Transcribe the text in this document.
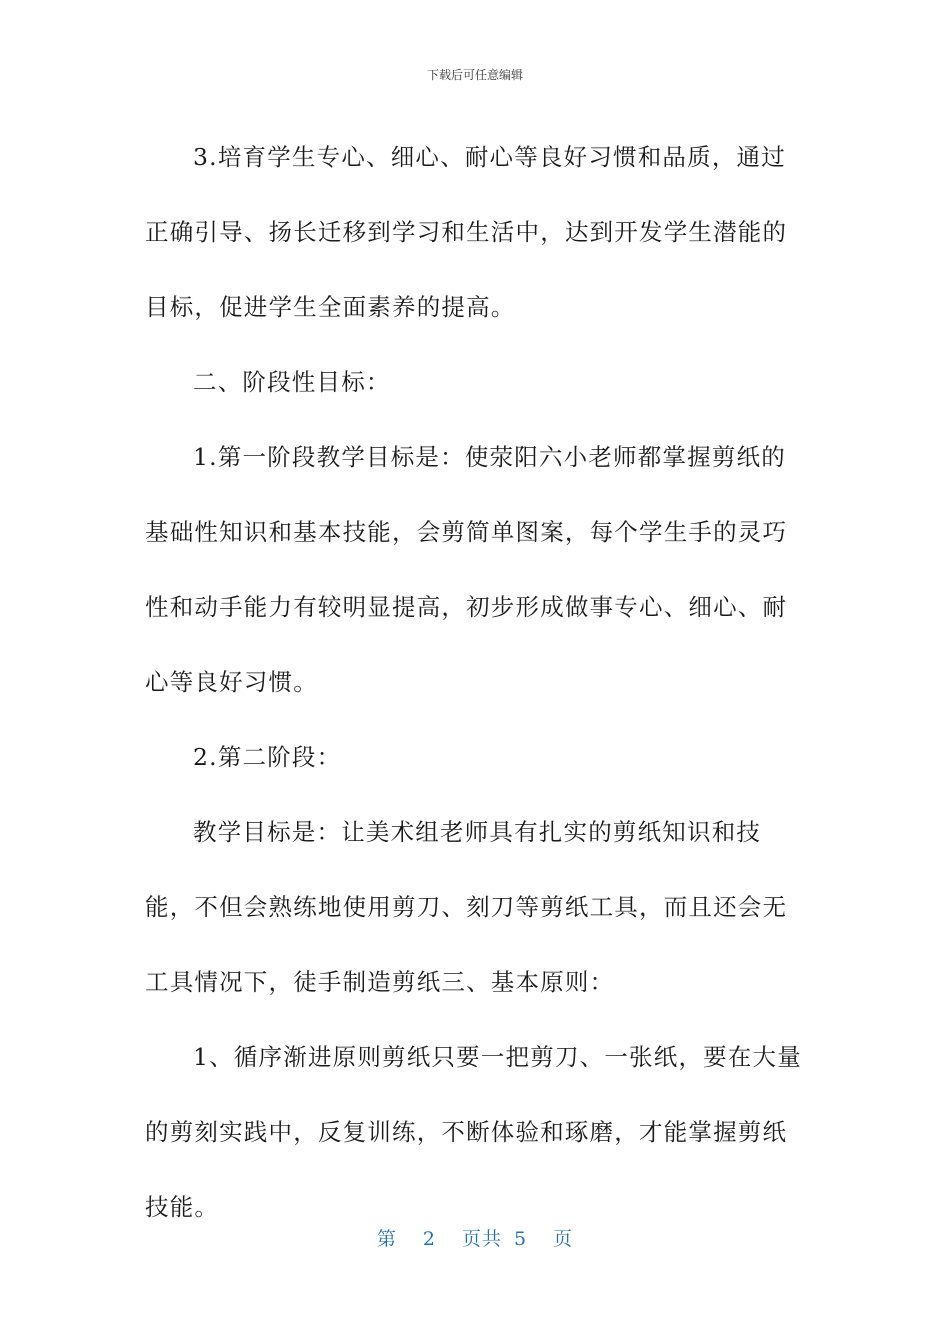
下载后可任意编辑

3.培育学生专心、细心、耐心等良好习惯和品质，通过正确引导、扬长迁移到学习和生活中，达到开发学生潜能的目标，促进学生全面素养的提高。

二、阶段性目标：

1.第一阶段教学目标是：使荥阳六小老师都掌握剪纸的基础性知识和基本技能，会剪简单图案，每个学生手的灵巧性和动手能力有较明显提高，初步形成做事专心、细心、耐心等良好习惯。

2.第二阶段：

教学目标是：让美术组老师具有扎实的剪纸知识和技能，不但会熟练地使用剪刀、刻刀等剪纸工具，而且还会无工具情况下，徒手制造剪纸三、基本原则：

1、循序渐进原则剪纸只要一把剪刀、一张纸，要在大量的剪刻实践中，反复训练，不断体验和琢磨，才能掌握剪纸技能。

第 2 页共 5 页
